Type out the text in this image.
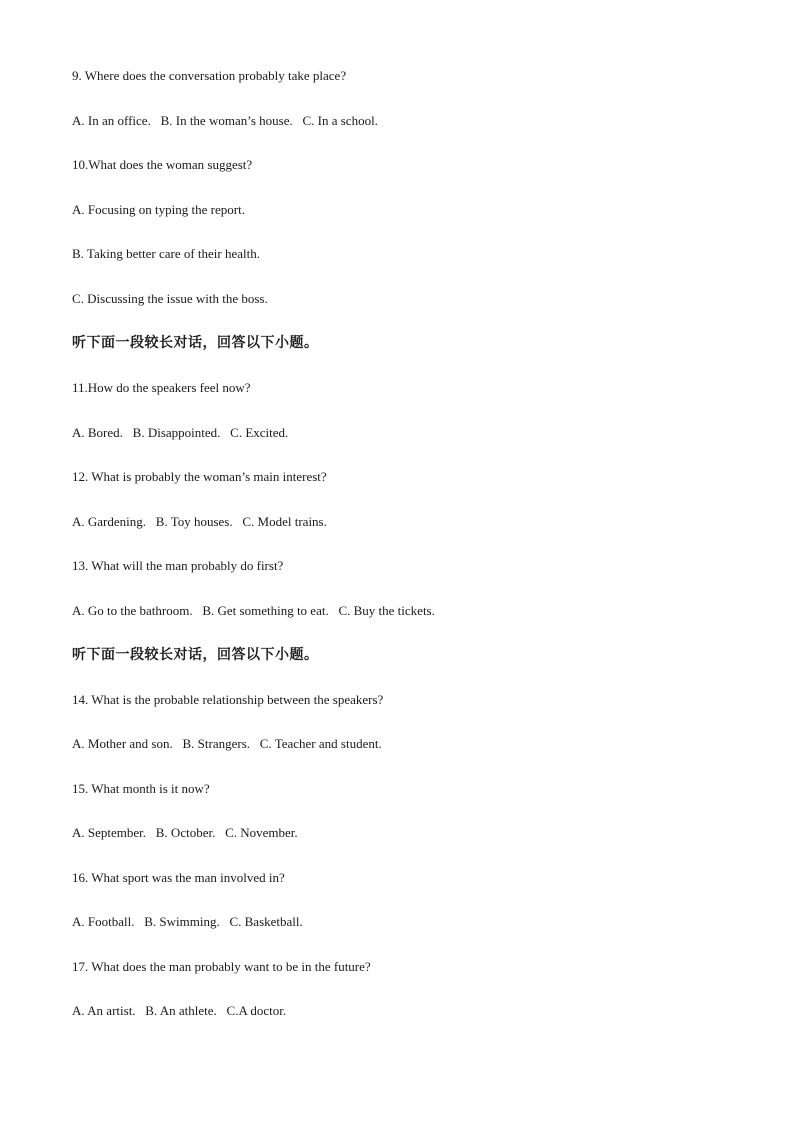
9. Where does the conversation probably take place?
A. In an office.   B. In the woman’s house.   C. In a school.
10.What does the woman suggest?
A. Focusing on typing the report.
B. Taking better care of their health.
C. Discussing the issue with the boss.
听下面一段较长对话，回答以下小题。
11.How do the speakers feel now?
A. Bored.   B. Disappointed.   C. Excited.
12. What is probably the woman’s main interest?
A. Gardening.   B. Toy houses.   C. Model trains.
13. What will the man probably do first?
A. Go to the bathroom.   B. Get something to eat.   C. Buy the tickets.
听下面一段较长对话，回答以下小题。
14. What is the probable relationship between the speakers?
A. Mother and son.   B. Strangers.   C. Teacher and student.
15. What month is it now?
A. September.   B. October.   C. November.
16. What sport was the man involved in?
A. Football.   B. Swimming.   C. Basketball.
17. What does the man probably want to be in the future?
A. An artist.   B. An athlete.   C.A doctor.
